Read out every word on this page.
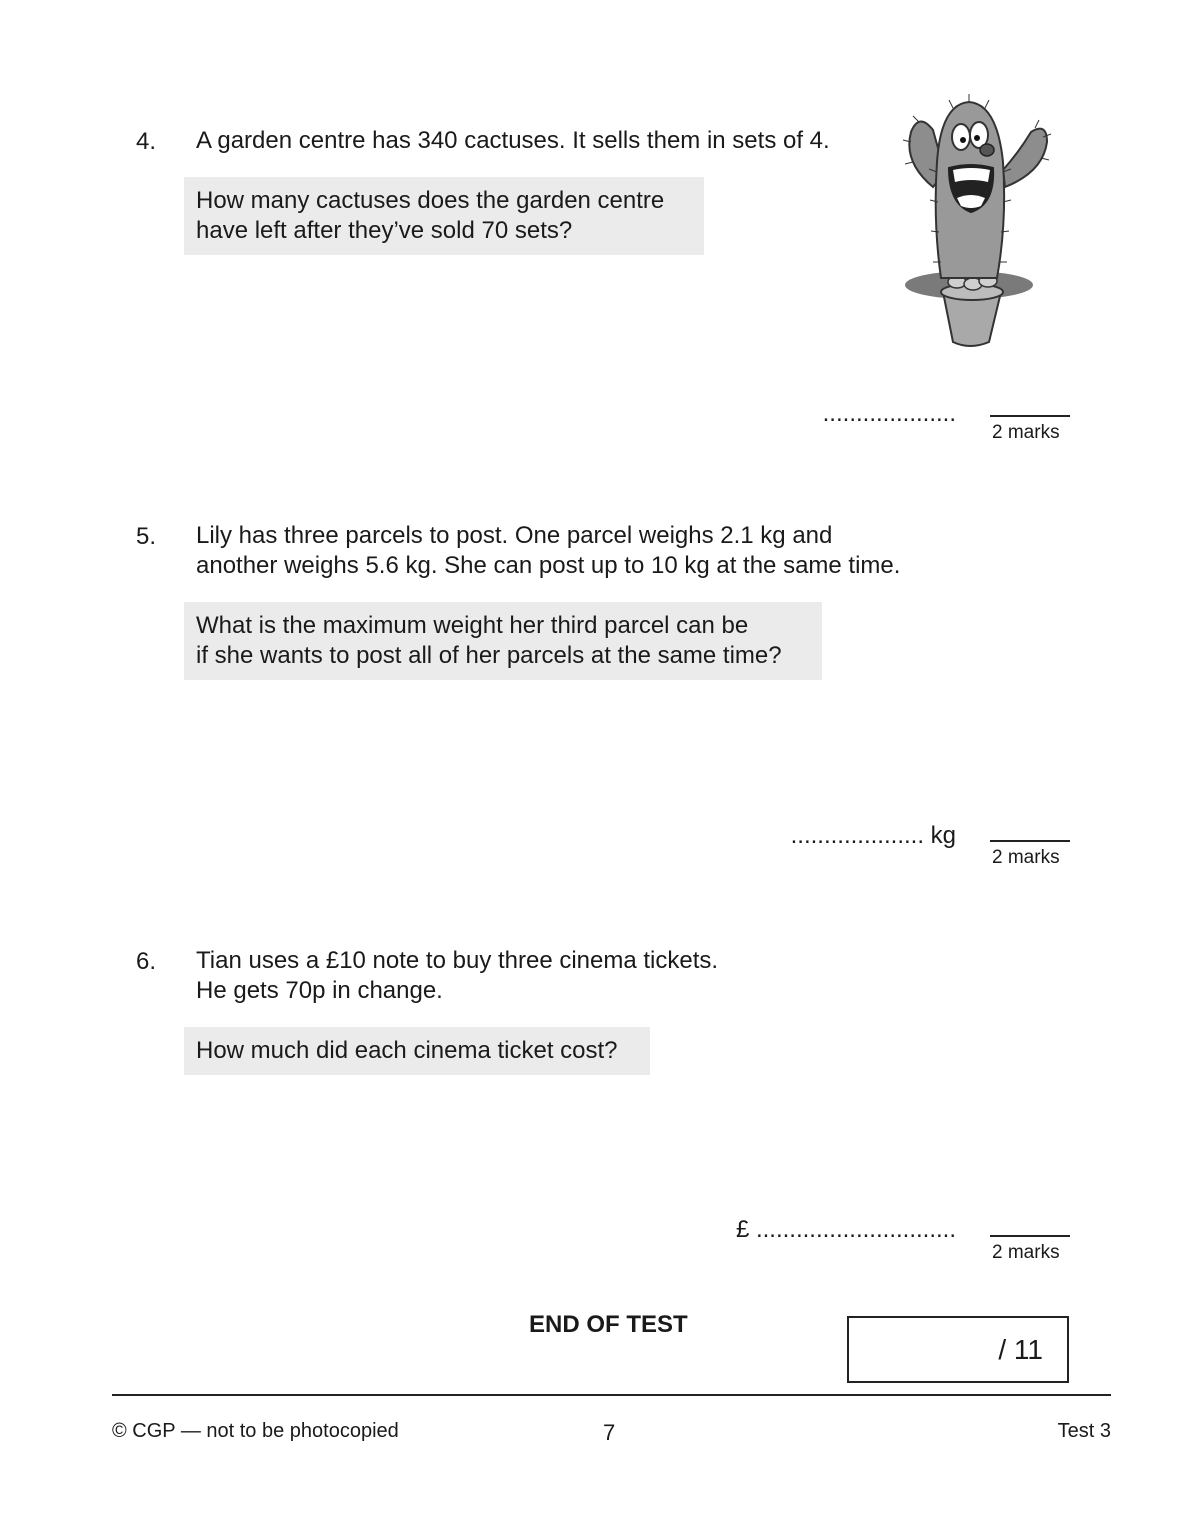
4. A garden centre has 340 cactuses. It sells them in sets of 4.
How many cactuses does the garden centre
have left after they’ve sold 70 sets?
....................
2 marks
5. Lily has three parcels to post. One parcel weighs 2.1 kg and
another weighs 5.6 kg. She can post up to 10 kg at the same time.
What is the maximum weight her third parcel can be
if she wants to post all of her parcels at the same time?
.................... kg
2 marks
6. Tian uses a £10 note to buy three cinema tickets.
He gets 70p in change.
How much did each cinema ticket cost?
£ ..............................
2 marks
END OF TEST
/ 11
© CGP — not to be photocopied	7	Test 3
